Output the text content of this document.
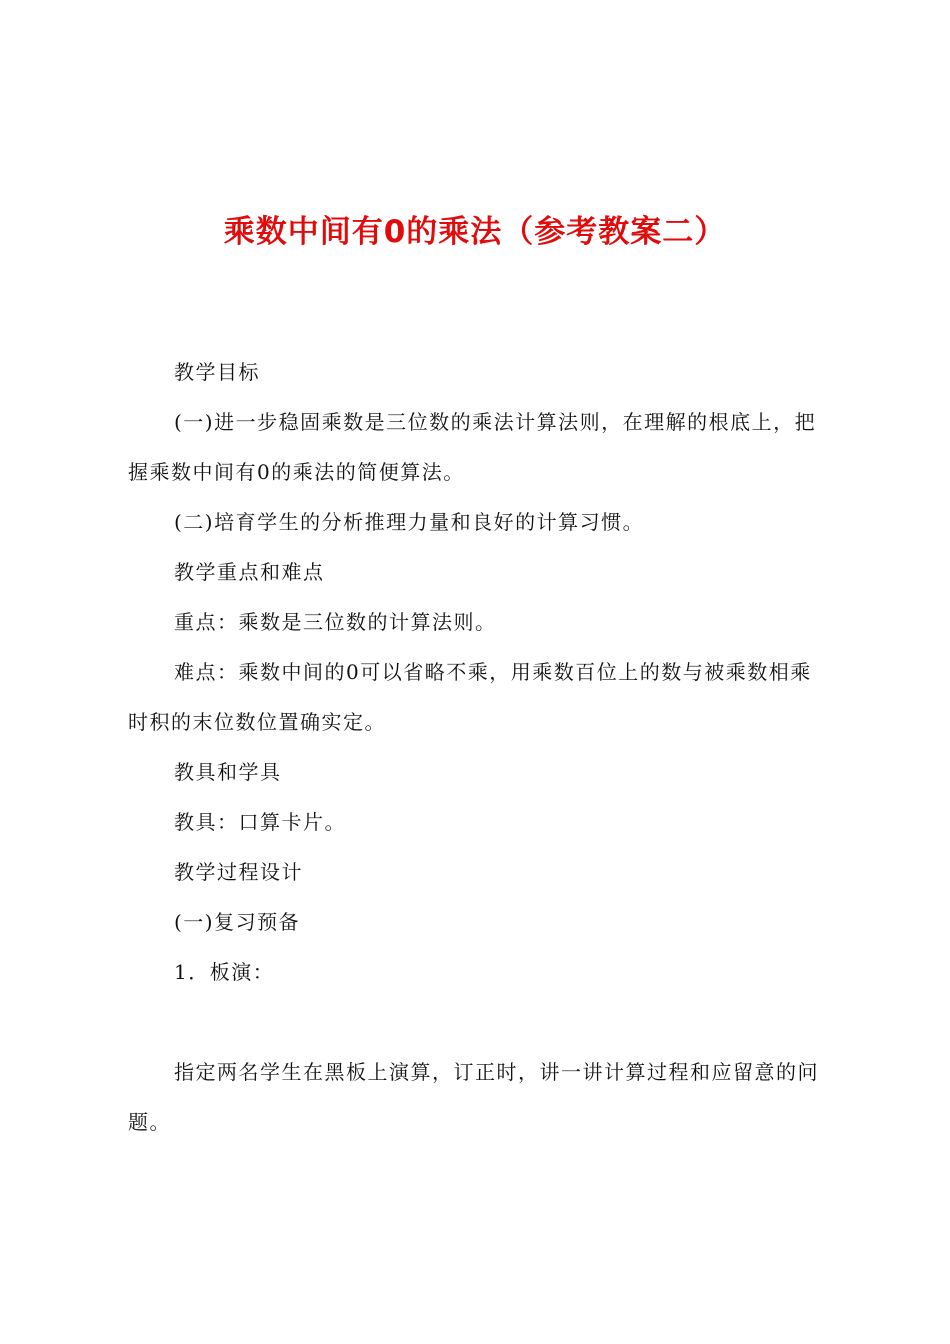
乘数中间有0的乘法（参考教案二）

教学目标

(一)进一步稳固乘数是三位数的乘法计算法则，在理解的根底上，把握乘数中间有0的乘法的简便算法。

(二)培育学生的分析推理力量和良好的计算习惯。

教学重点和难点

重点：乘数是三位数的计算法则。

难点：乘数中间的0可以省略不乘，用乘数百位上的数与被乘数相乘时积的末位数位置确实定。

教具和学具

教具：口算卡片。

教学过程设计

(一)复习预备

1．板演：

指定两名学生在黑板上演算，订正时，讲一讲计算过程和应留意的问题。
